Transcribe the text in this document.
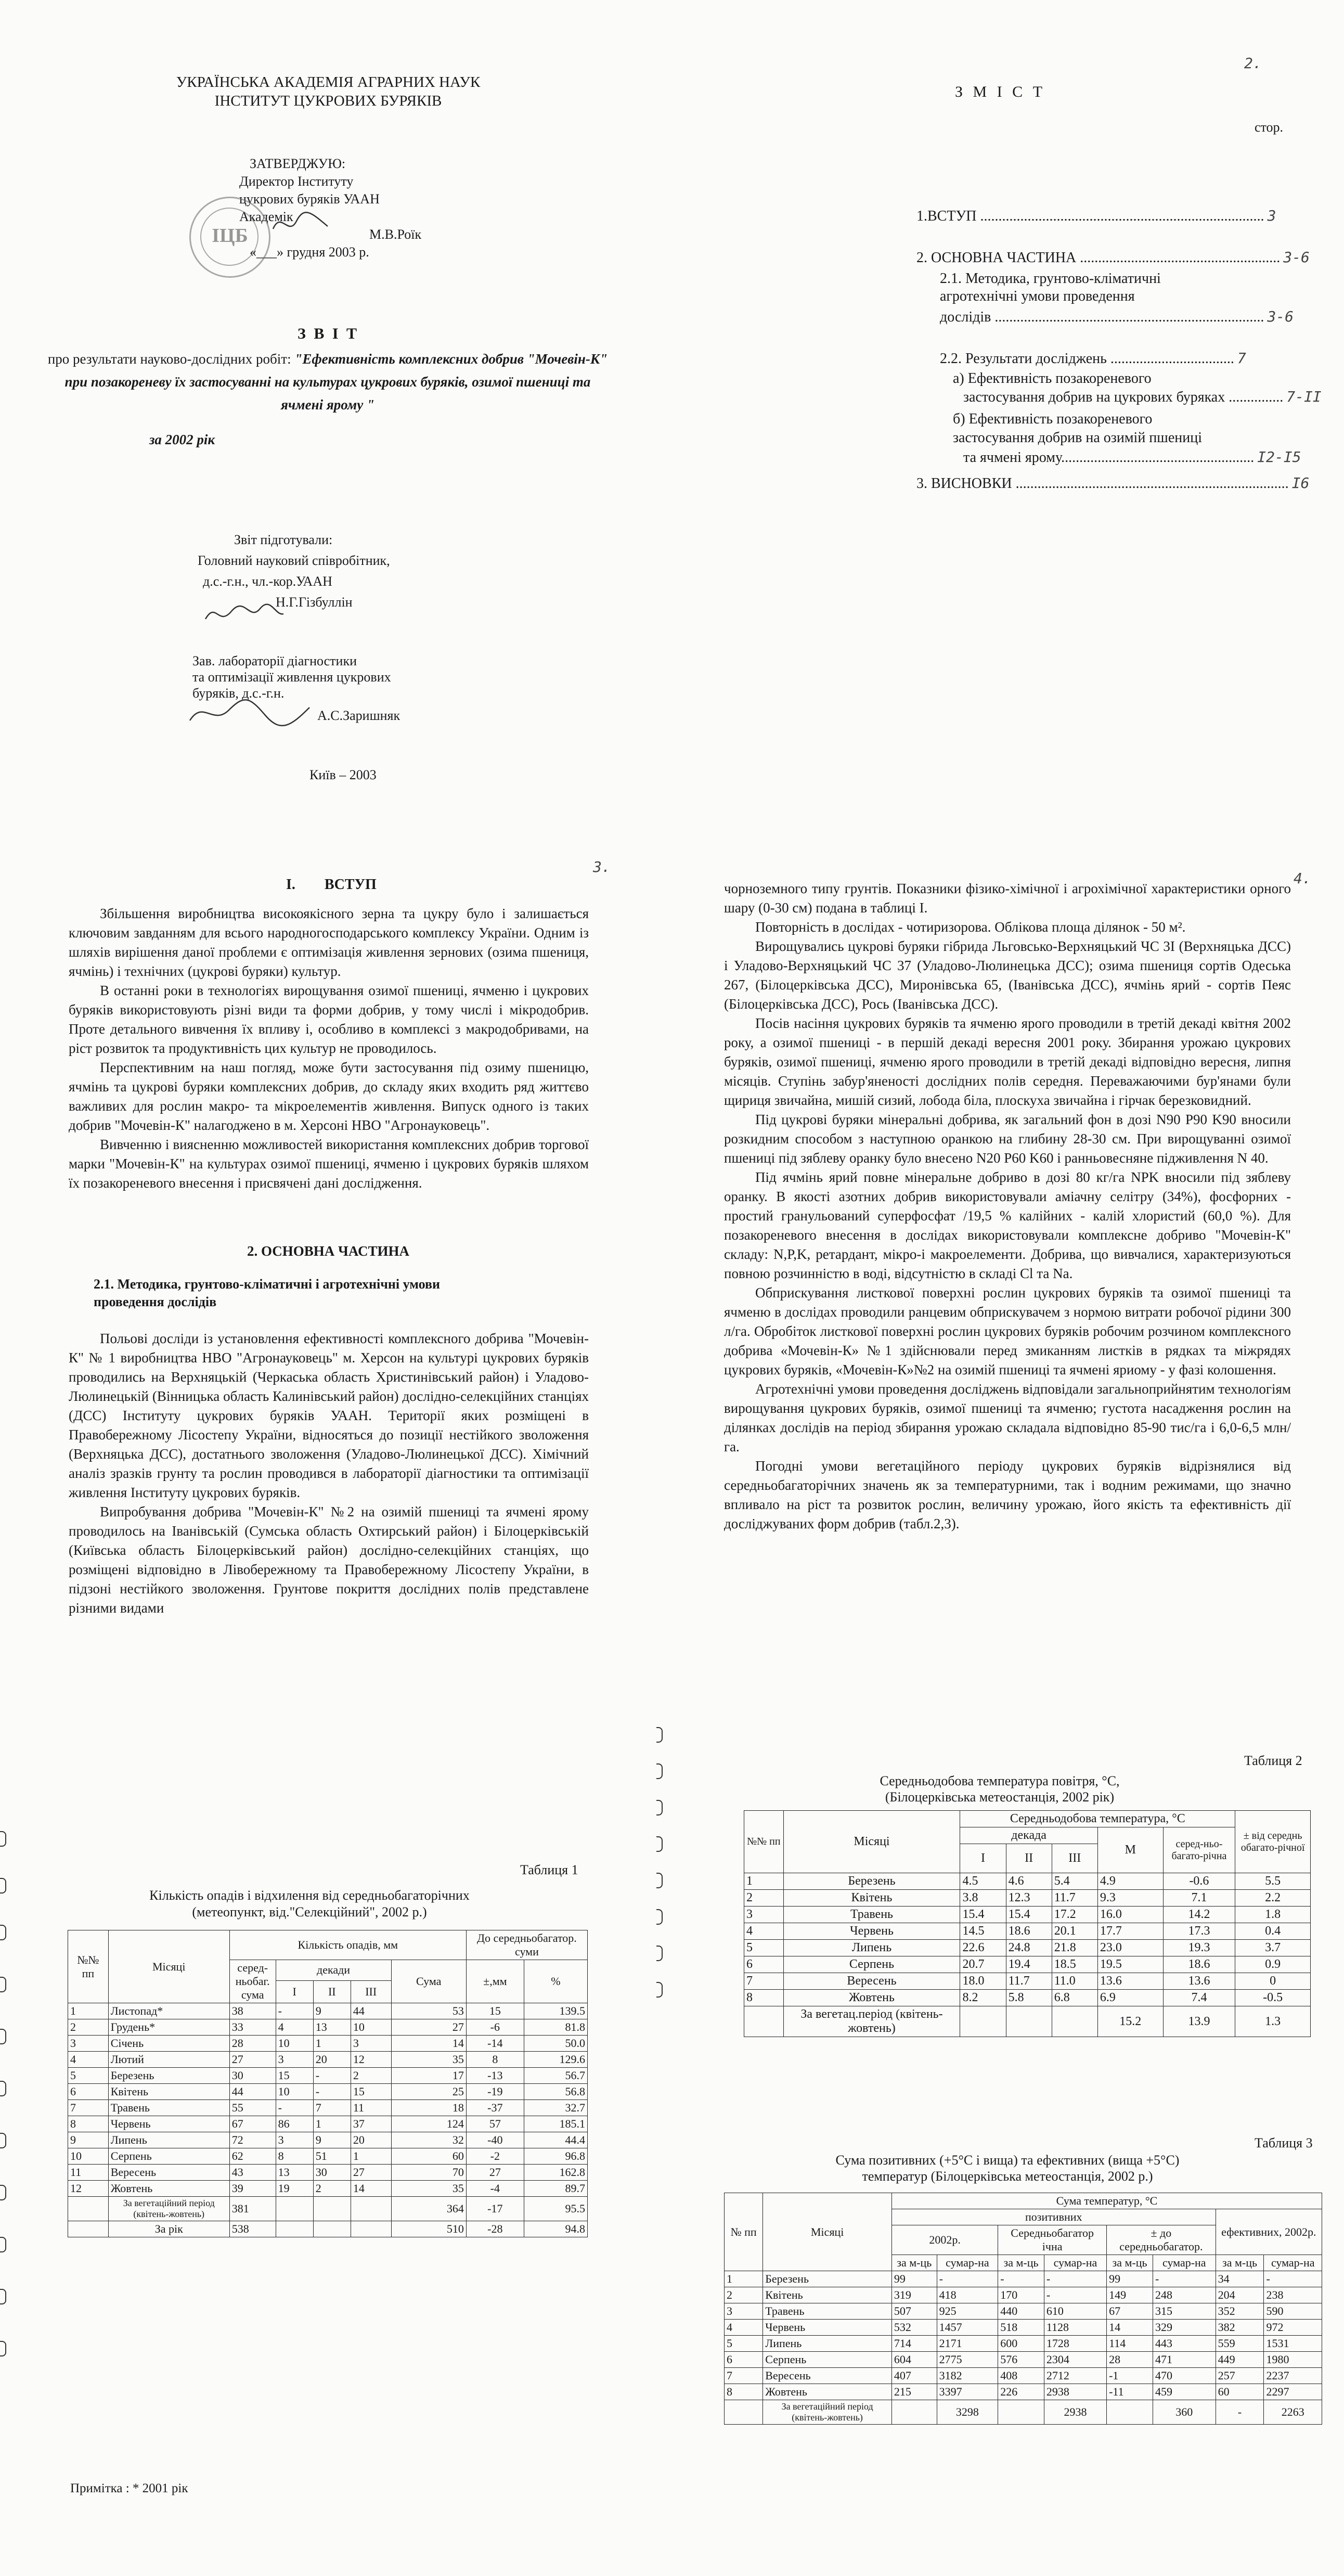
УКРАЇНСЬКА АКАДЕМІЯ АГРАРНИХ НАУК
ІНСТИТУТ ЦУКРОВИХ БУРЯКІВ
ЗАТВЕРДЖУЮ:
Директор Інституту
цукрових буряків УААН
Академік
М.В.Роїк
«___» грудня 2003 р.
ІЦБ
З В І Т
про результати науково-дослідних робіт: "Ефективність комплексних добрив "Мочевін-К" при позакореневу їх застосуванні на культурах цукрових буряків, озимої пшениці та ячмені ярому "
за 2002 рік
Звіт підготували:
Головний науковий співробітник,
д.с.-г.н., чл.-кор.УААН
Н.Г.Гізбуллін
Зав. лабораторії діагностики
та оптимізації живлення цукрових
буряків, д.с.-г.н.
А.С.Заришняк
Київ – 2003
2.
З М І С Т
стор.
1.ВСТУП .............................................................................. 3
2. ОСНОВНА ЧАСТИНА ....................................................... 3-6
2.1. Методика, грунтово-кліматичні
агротехнічні умови проведення
дослідів .......................................................................... 3-6
2.2. Результати досліджень .................................. 7
а) Ефективність позакореневого
застосування добрив на цукрових буряках ............... 7-II
б) Ефективність позакореневого
застосування добрив на озимій пшениці
та ячмені ярому..................................................... I2-I5
3. ВИСНОВКИ ........................................................................... I6
3.
I.        ВСТУП

Збільшення виробництва високоякісного зерна та цукру було і залишається ключовим завданням для всього народногосподарського комплексу України. Одним із шляхів вирішення даної проблеми є оптимізація живлення зернових (озима пшениця, ячмінь) і технічних (цукрові буряки) культур.

В останні роки в технологіях вирощування озимої пшениці, ячменю і цукрових буряків використовують різні види та форми добрив, у тому числі і мікродобрив. Проте детального вивчення їх впливу і, особливо в комплексі з макродобривами, на ріст розвиток та продуктивність цих культур не проводилось.

Перспективним на наш погляд, може бути застосування під озиму пшеницю, ячмінь та цукрові буряки комплексних добрив, до складу яких входить ряд життєво важливих для рослин макро- та мікроелементів живлення. Випуск одного із таких добрив "Мочевін-К" налагоджено в м. Херсоні НВО "Агронауковець".

Вивченню і виясненню можливостей використання комплексних добрив торгової марки "Мочевін-К" на культурах озимої пшениці, ячменю і цукрових буряків шляхом їх позакореневого внесення і присвячені дані дослідження.

2. ОСНОВНА ЧАСТИНА
2.1. Методика, грунтово-кліматичні і агротехнічні умови проведення дослідів

Польові досліди із установлення ефективності комплексного добрива "Мочевін-К" № 1 виробництва НВО "Агронауковець" м. Херсон на культурі цукрових буряків проводились на Верхняцькій (Черкаська область Христинівський район) і Уладово-Люлинецькій (Вінницька область Калинівський район) дослідно-селекційних станціях (ДСС) Інституту цукрових буряків УААН. Території яких розміщені в Правобережному Лісостепу України, відносяться до позиції нестійкого зволоження (Верхняцька ДСС), достатнього зволоження (Уладово-Люлинецької ДСС). Хімічний аналіз зразків грунту та рослин проводився в лабораторії діагностики та оптимізації живлення Інституту цукрових буряків.

Випробування добрива "Мочевін-К" №2 на озимій пшениці та ячмені ярому проводилось на Іванівській (Сумська область Охтирський район) і Білоцерківській (Київська область Білоцерківський район) дослідно-селекційних станціях, що розміщені відповідно в Лівобережному та Правобережному Лісостепу України, в підзоні нестійкого зволоження. Грунтове покриття дослідних полів представлене різними видами

4.

чорноземного типу грунтів. Показники фізико-хімічної і агрохімічної характеристики орного шару (0-30 см) подана в таблиці I.

Повторність в дослідах - чотиризорова. Облікова площа ділянок - 50 м².

Вирощувались цукрові буряки гібрида Льговсько-Верхняцький ЧС 3I (Верхняцька ДСС) і Уладово-Верхняцький ЧС 37 (Уладово-Люлинецька ДСС); озима пшениця сортів Одеська 267, (Білоцерківська ДСС), Миронівська 65, (Іванівська ДСС), ячмінь ярий - сортів Пеяс (Білоцерківська ДСС), Рось (Іванівська ДСС).

Посів насіння цукрових буряків та ячменю ярого проводили в третій декаді квітня 2002 року, а озимої пшениці - в першій декаді вересня 2001 року. Збирання урожаю цукрових буряків, озимої пшениці, ячменю ярого проводили в третій декаді відповідно вересня, липня місяців. Ступінь забур'яненості дослідних полів середня. Переважаючими бур'янами були щириця звичайна, мишій сизий, лобода біла, плоскуха звичайна і гірчак березковидний.

Під цукрові буряки мінеральні добрива, як загальний фон в дозі N90 P90 K90 вносили розкидним способом з наступною оранкою на глибину 28-30 см. При вирощуванні озимої пшениці під зяблеву оранку було внесено N20 P60 K60 і ранньовесняне підживлення N 40.

Під ячмінь ярий повне мінеральне добриво в дозі 80 кг/га NPK вносили під зяблеву оранку. В якості азотних добрив використовували аміачну селітру (34%), фосфорних - простий гранульований суперфосфат /19,5 % калійних - калій хлористий (60,0 %). Для позакореневого внесення в дослідах використовували комплексне добриво "Мочевін-К" складу: N,P,K, ретардант, мікро-і макроелементи. Добрива, що вивчалися, характеризуються повною розчинністю в воді, відсутністю в складі Cl та Na.

Обприскування листкової поверхні рослин цукрових буряків та озимої пшениці та ячменю в дослідах проводили ранцевим обприскувачем з нормою витрати робочої рідини 300 л/га. Обробіток листкової поверхні рослин цукрових буряків робочим розчином комплексного добрива «Мочевін-К» №1 здійснювали перед змиканням листків в рядках та міжрядях цукрових буряків, «Мочевін-К»№2 на озимій пшениці та ячмені яриому - у фазі колошення.

Агротехнічні умови проведення досліджень відповідали загальноприйнятим технологіям вирощування цукрових буряків, озимої пшениці та ячменю; густота насадження рослин на ділянках дослідів на період збирання урожаю складала відповідно 85-90 тис/га і 6,0-6,5 млн/га.

Погодні умови вегетаційного періоду цукрових буряків відрізнялися від середньобагаторічних значень як за температурними, так і водним режимами, що значно впливало на ріст та розвиток рослин, величину урожаю, його якість та ефективність дії досліджуваних форм добрив (табл.2,3).

Таблиця 1
Кількість опадів і відхилення від середньобагаторічних
(метеопункт, від."Селекційний", 2002 р.)
№№ пп	Місяці	Кількість опадів, мм					До середньобагатор. суми	
		серед-ньобаг. сума	декади			Сума	±,мм	%
			I	II	III			
1	Листопад*	38	-	9	44	53	15	139.5
2	Грудень*	33	4	13	10	27	-6	81.8
3	Січень	28	10	1	3	14	-14	50.0
4	Лютий	27	3	20	12	35	8	129.6
5	Березень	30	15	-	2	17	-13	56.7
6	Квітень	44	10	-	15	25	-19	56.8
7	Травень	55	-	7	11	18	-37	32.7
8	Червень	67	86	1	37	124	57	185.1
9	Липень	72	3	9	20	32	-40	44.4
10	Серпень	62	8	51	1	60	-2	96.8
11	Вересень	43	13	30	27	70	27	162.8
12	Жовтень	39	19	2	14	35	-4	89.7
	За вегетаційний період (квітень-жовтень)	381				364	-17	95.5
	За рік	538				510	-28	94.8
Примітка : * 2001 рік
Таблиця 2
Середньодобова температура повітря, °С,
(Білоцерківська метеостанція, 2002 рік)
№№ пп	Місяці	Середньодобова температура, °С					± від середнь обагато-річної
		декада			М	серед-ньо-багато-річна	
		I	II	III			
1	Березень	4.5	4.6	5.4	4.9	-0.6	5.5
2	Квітень	3.8	12.3	11.7	9.3	7.1	2.2
3	Травень	15.4	15.4	17.2	16.0	14.2	1.8
4	Червень	14.5	18.6	20.1	17.7	17.3	0.4
5	Липень	22.6	24.8	21.8	23.0	19.3	3.7
6	Серпень	20.7	19.4	18.5	19.5	18.6	0.9
7	Вересень	18.0	11.7	11.0	13.6	13.6	0
8	Жовтень	8.2	5.8	6.8	6.9	7.4	-0.5
	За вегетац.період (квітень-жовтень)				15.2	13.9	1.3
Таблиця 3
Сума позитивних (+5°С і вища) та ефективних (вища +5°С)
температур (Білоцерківська метеостанція, 2002 р.)
№ пп	Місяці	Сума температур, °С							
		позитивних						ефективних, 2002р.	
		2002р.		Середньобагатор ічна		± до середньобагатор.			
		за м-ць	сумар-на	за м-ць	сумар-на	за м-ць	сумар-на	за м-ць	сумар-на
1	Березень	99	-	-	-	99	-	34	-
2	Квітень	319	418	170	-	149	248	204	238
3	Травень	507	925	440	610	67	315	352	590
4	Червень	532	1457	518	1128	14	329	382	972
5	Липень	714	2171	600	1728	114	443	559	1531
6	Серпень	604	2775	576	2304	28	471	449	1980
7	Вересень	407	3182	408	2712	-1	470	257	2237
8	Жовтень	215	3397	226	2938	-11	459	60	2297
	За вегетаційний період (квітень-жовтень)		3298		2938		360	-	2263
